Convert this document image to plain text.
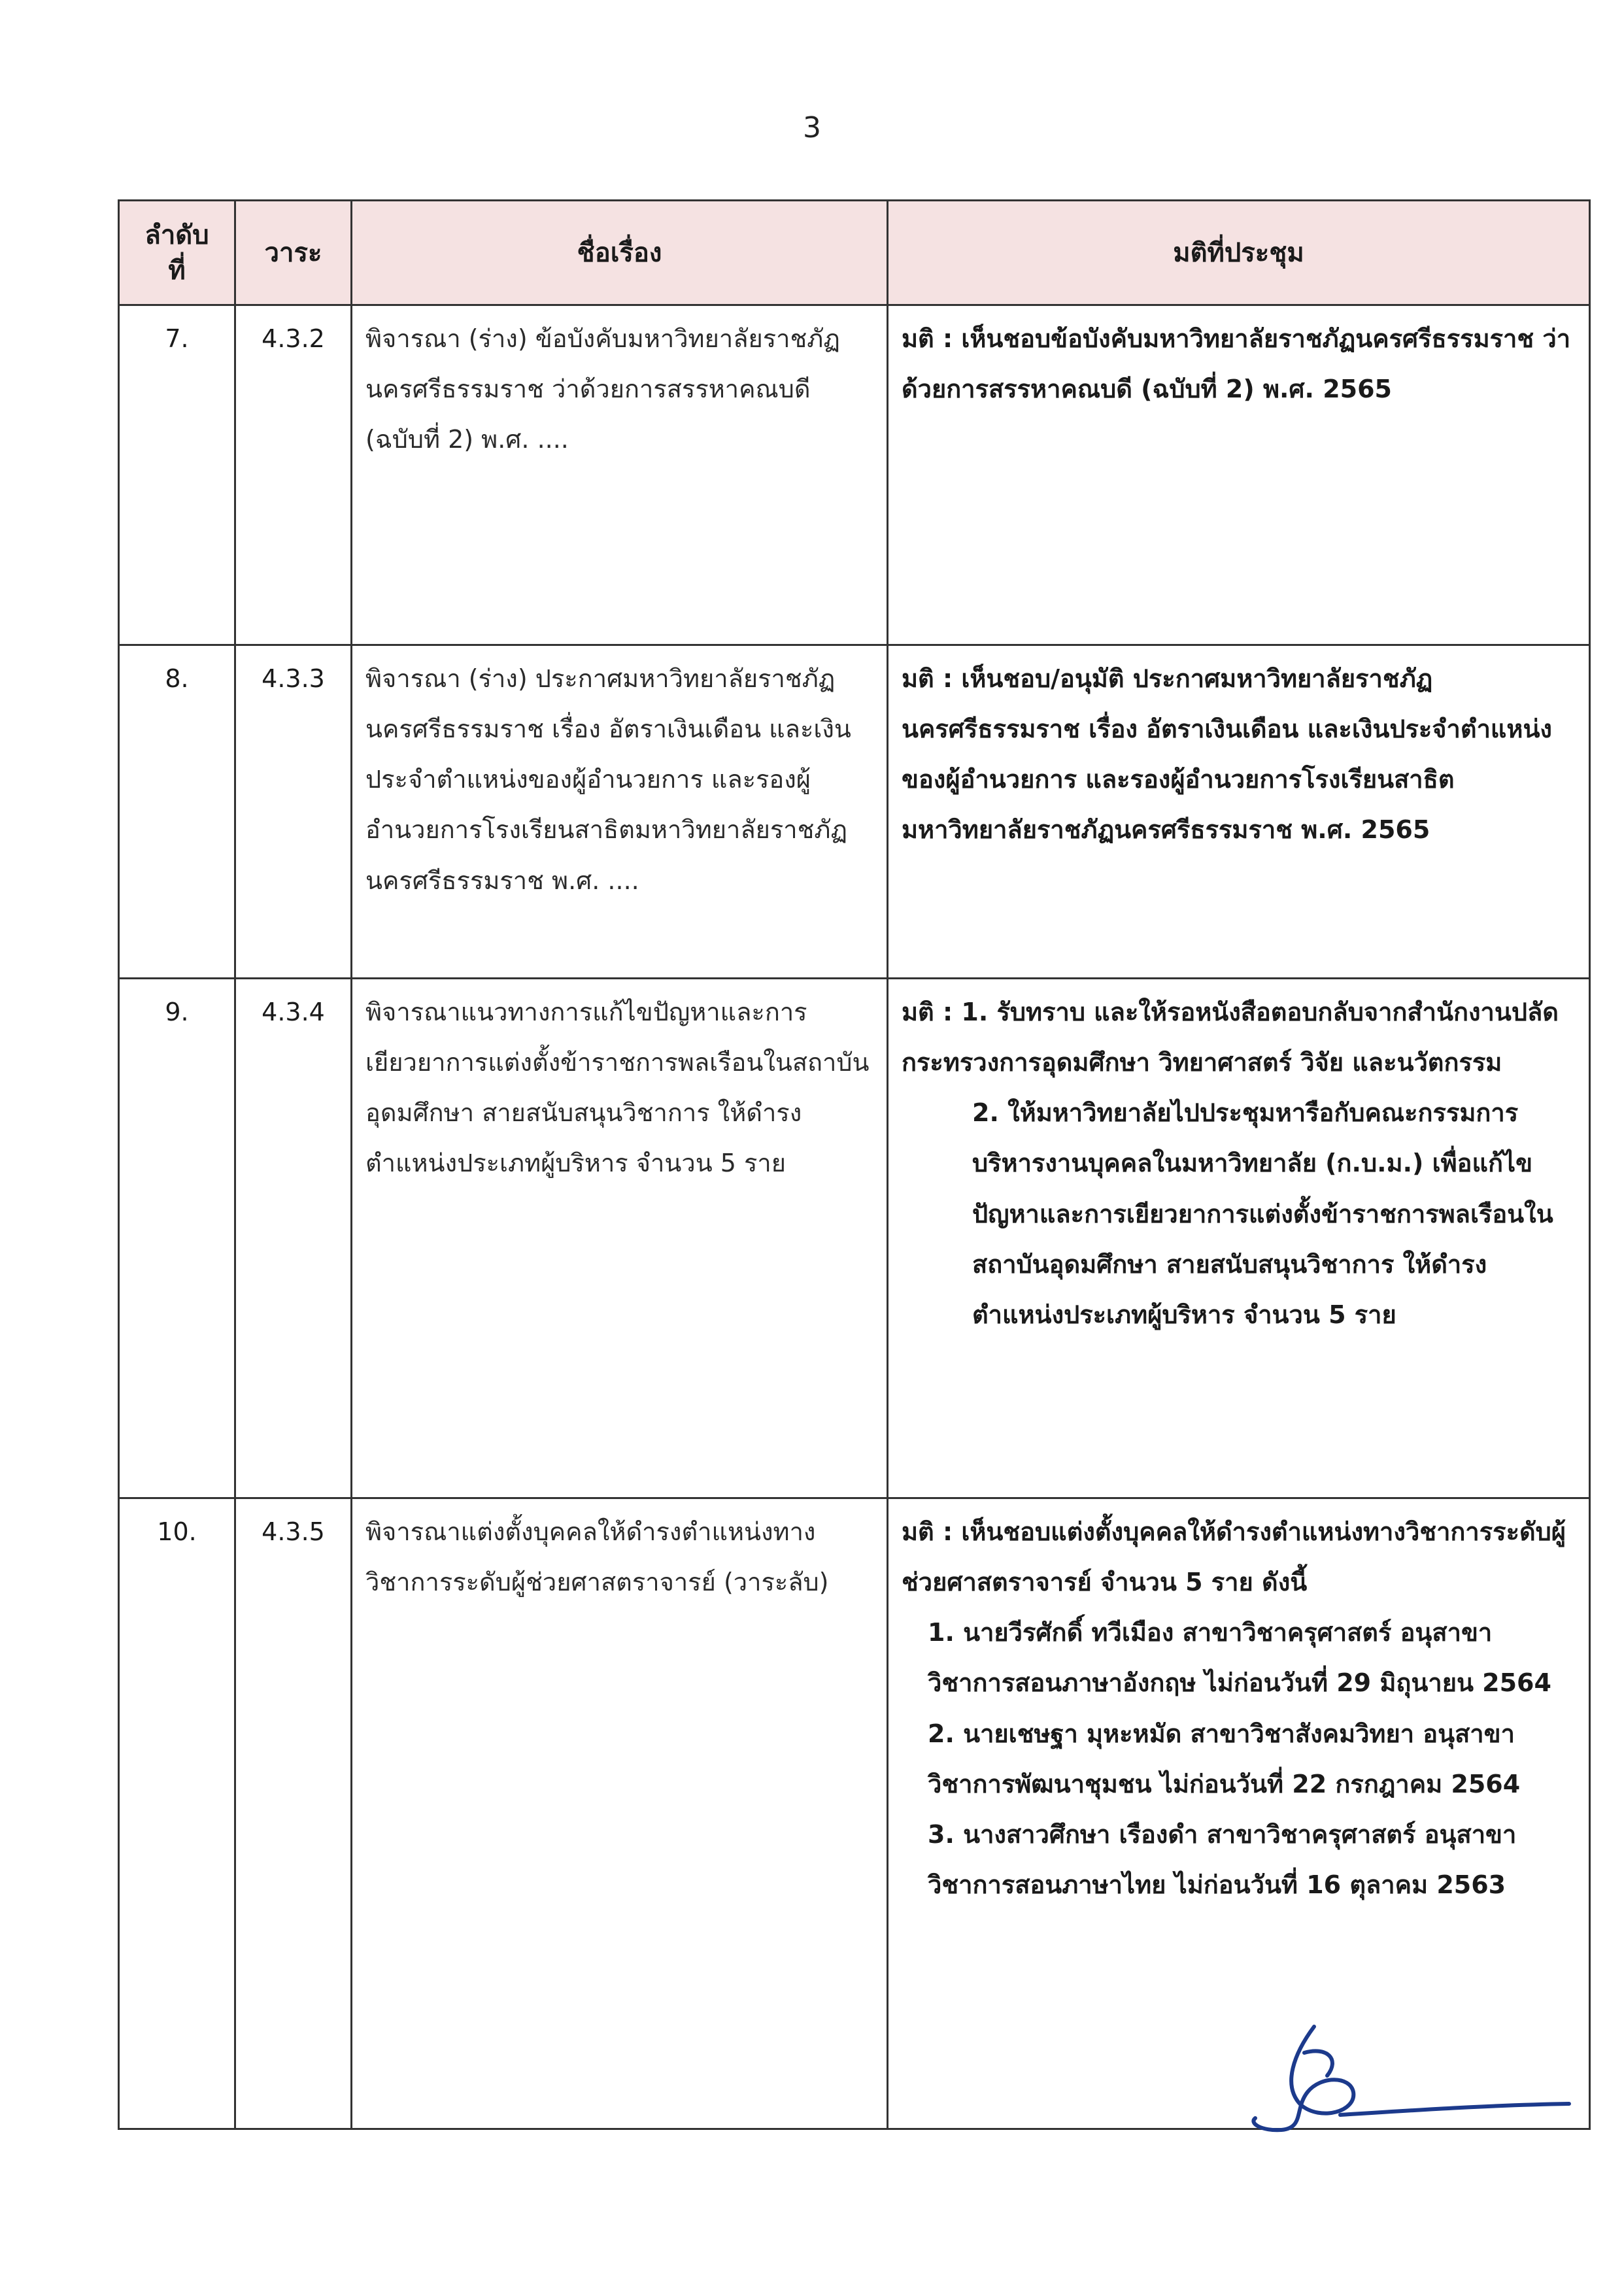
3
ลำดับ
ที่	วาระ	ชื่อเรื่อง	มติที่ประชุม
7.	4.3.2	พิจารณา (ร่าง) ข้อบังคับมหาวิทยาลัยราชภัฏนครศรีธรรมราช ว่าด้วยการสรรหาคณบดี (ฉบับที่ 2) พ.ศ. ....	มติ : เห็นชอบข้อบังคับมหาวิทยาลัยราชภัฏนครศรีธรรมราช ว่าด้วยการสรรหาคณบดี (ฉบับที่ 2) พ.ศ. 2565
8.	4.3.3	พิจารณา (ร่าง) ประกาศมหาวิทยาลัยราชภัฏนครศรีธรรมราช เรื่อง อัตราเงินเดือน และเงินประจำตำแหน่งของผู้อำนวยการ และรองผู้อำนวยการโรงเรียนสาธิตมหาวิทยาลัยราชภัฏนครศรีธรรมราช พ.ศ. ....	มติ : เห็นชอบ/อนุมัติ ประกาศมหาวิทยาลัยราชภัฏนครศรีธรรมราช เรื่อง อัตราเงินเดือน และเงินประจำตำแหน่งของผู้อำนวยการ และรองผู้อำนวยการโรงเรียนสาธิตมหาวิทยาลัยราชภัฏนครศรีธรรมราช พ.ศ. 2565
9.	4.3.4	พิจารณาแนวทางการแก้ไขปัญหาและการเยียวยาการแต่งตั้งข้าราชการพลเรือนในสถาบันอุดมศึกษา สายสนับสนุนวิชาการ ให้ดำรงตำแหน่งประเภทผู้บริหาร จำนวน 5 ราย	มติ : 1. รับทราบ และให้รอหนังสือตอบกลับจากสำนักงานปลัดกระทรวงการอุดมศึกษา วิทยาศาสตร์ วิจัย และนวัตกรรม
2. ให้มหาวิทยาลัยไปประชุมหารือกับคณะกรรมการบริหารงานบุคคลในมหาวิทยาลัย (ก.บ.ม.) เพื่อแก้ไขปัญหาและการเยียวยาการแต่งตั้งข้าราชการพลเรือนในสถาบันอุดมศึกษา สายสนับสนุนวิชาการ ให้ดำรงตำแหน่งประเภทผู้บริหาร จำนวน 5 ราย

10.	4.3.5	พิจารณาแต่งตั้งบุคคลให้ดำรงตำแหน่งทางวิชาการระดับผู้ช่วยศาสตราจารย์ (วาระลับ)	มติ : เห็นชอบแต่งตั้งบุคคลให้ดำรงตำแหน่งทางวิชาการระดับผู้ช่วยศาสตราจารย์ จำนวน 5 ราย ดังนี้
1. นายวีรศักดิ์ ทวีเมือง สาขาวิชาครุศาสตร์ อนุสาขาวิชาการสอนภาษาอังกฤษ ไม่ก่อนวันที่ 29 มิถุนายน 2564
2. นายเชษฐา มุหะหมัด สาขาวิชาสังคมวิทยา อนุสาขาวิชาการพัฒนาชุมชน ไม่ก่อนวันที่ 22 กรกฎาคม 2564
3. นางสาวศึกษา เรืองดำ สาขาวิชาครุศาสตร์ อนุสาขาวิชาการสอนภาษาไทย ไม่ก่อนวันที่ 16 ตุลาคม 2563
